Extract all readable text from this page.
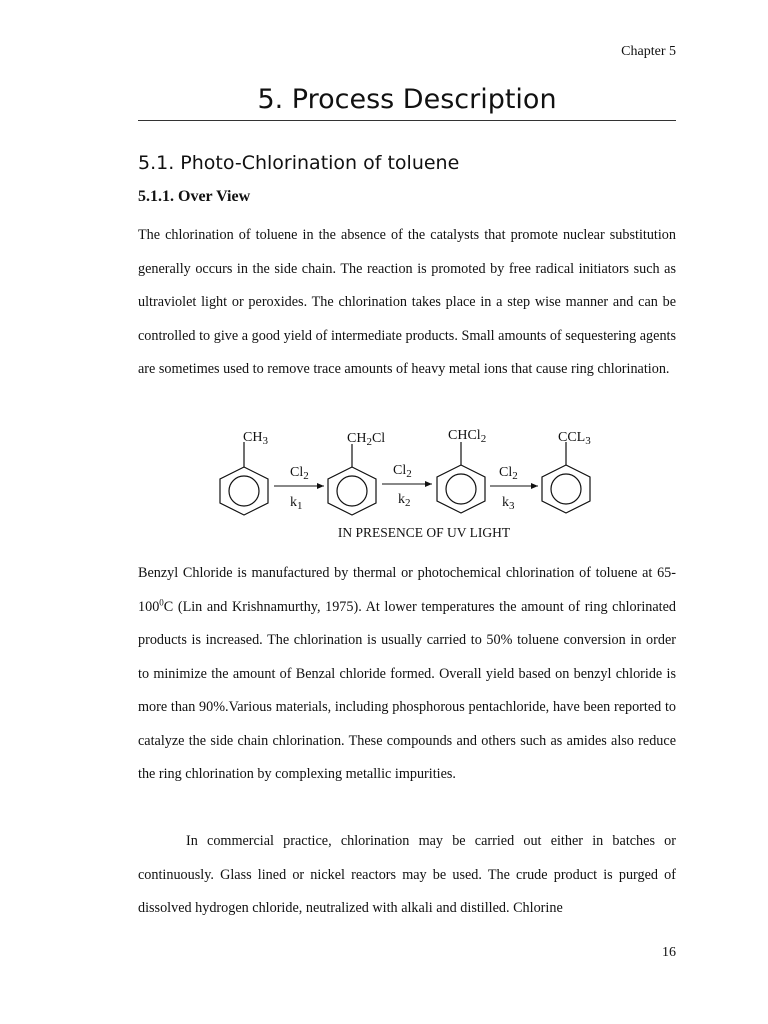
Chapter 5
5. Process Description
5.1. Photo-Chlorination of toluene
5.1.1. Over View

The chlorination of toluene in the absence of the catalysts that promote nuclear substitution generally occurs in the side chain. The reaction is promoted by free radical initiators such as ultraviolet light or peroxides. The chlorination takes place in a step wise manner and can be controlled to give a good yield of intermediate products. Small amounts of sequestering agents are sometimes used to remove trace amounts of heavy metal ions that cause ring chlorination.

$CH_3$
$Cl_2$
$k_1$
$CH_2Cl$
$Cl_2$
$k_2$
CHCl$_2$
$Cl_2$
$k_3$
$CCL_3$
IN PRESENCE OF UV LIGHT

Benzyl Chloride is manufactured by thermal or photochemical chlorination of toluene at $65-100^0C$ (Lin and Krishnamurthy, 1975). At lower temperatures the amount of ring chlorinated products is increased. The chlorination is usually carried to 50% toluene conversion in order to minimize the amount of Benzal chloride formed. Overall yield based on benzyl chloride is more than 90%.Various materials, including phosphorous pentachloride, have been reported to catalyze the side chain chlorination. These compounds and others such as amides also reduce the ring chlorination by complexing metallic impurities.

In commercial practice, chlorination may be carried out either in batches or continuously. Glass lined or nickel reactors may be used. The crude product is purged of dissolved hydrogen chloride, neutralized with alkali and distilled. Chlorine

16
